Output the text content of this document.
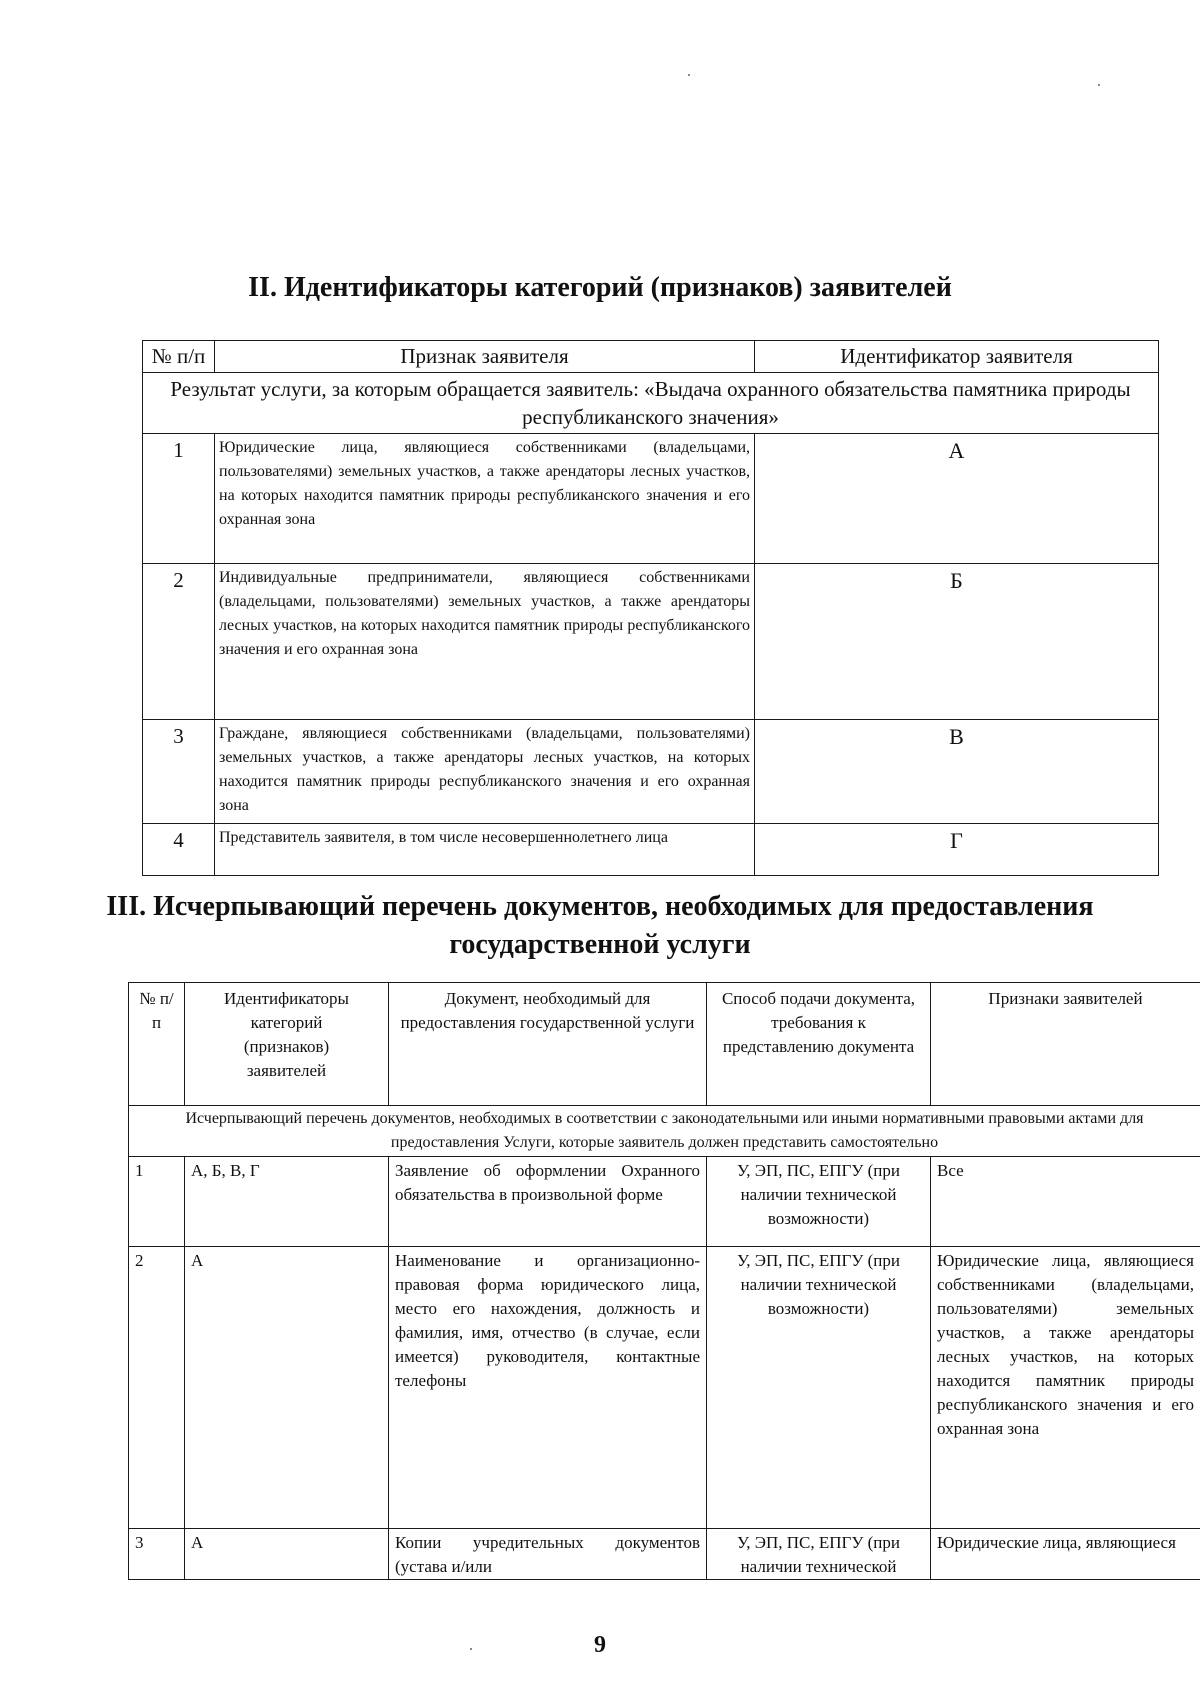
II. Идентификаторы категорий (признаков) заявителей
№ п/п	Признак заявителя	Идентификатор заявителя
Результат услуги, за которым обращается заявитель: «Выдача охранного обязательства памятника природы республиканского значения»		
1	Юридические лица, являющиеся собственниками (владельцами, пользователями) земельных участков, а также арендаторы лесных участков, на которых находится памятник природы республиканского значения и его охранная зона	А
2	Индивидуальные предприниматели, являющиеся собственниками (владельцами, пользователями) земельных участков, а также арендаторы лесных участков, на которых находится памятник природы республиканского значения и его охранная зона	Б
3	Граждане, являющиеся собственниками (владельцами, пользователями) земельных участков, а также арендаторы лесных участков, на которых находится памятник природы республиканского значения и его охранная зона	В
4	Представитель заявителя, в том числе несовершеннолетнего лица	Г
III. Исчерпывающий перечень документов, необходимых для предоставления государственной услуги
№ п/п	Идентификаторы категорий (признаков) заявителей	Документ, необходимый для предоставления государственной услуги	Способ подачи документа, требования к представлению документа	Признаки заявителей
Исчерпывающий перечень документов, необходимых в соответствии с законодательными или иными нормативными правовыми актами для предоставления Услуги, которые заявитель должен представить самостоятельно				
1	А, Б, В, Г	Заявление об оформлении Охранного обязательства в произвольной форме	У, ЭП, ПС, ЕПГУ (при наличии технической возможности)	Все
2	А	Наименование и организационно-правовая форма юридического лица, место его нахождения, должность и фамилия, имя, отчество (в случае, если имеется) руководителя, контактные телефоны	У, ЭП, ПС, ЕПГУ (при наличии технической возможности)	Юридические лица, являющиеся собственниками (владельцами, пользователями) земельных участков, а также арендаторы лесных участков, на которых находится памятник природы республиканского значения и его охранная зона
3	А	Копии учредительных документов (устава и/или	У, ЭП, ПС, ЕПГУ (при наличии технической	Юридические лица, являющиеся
9
